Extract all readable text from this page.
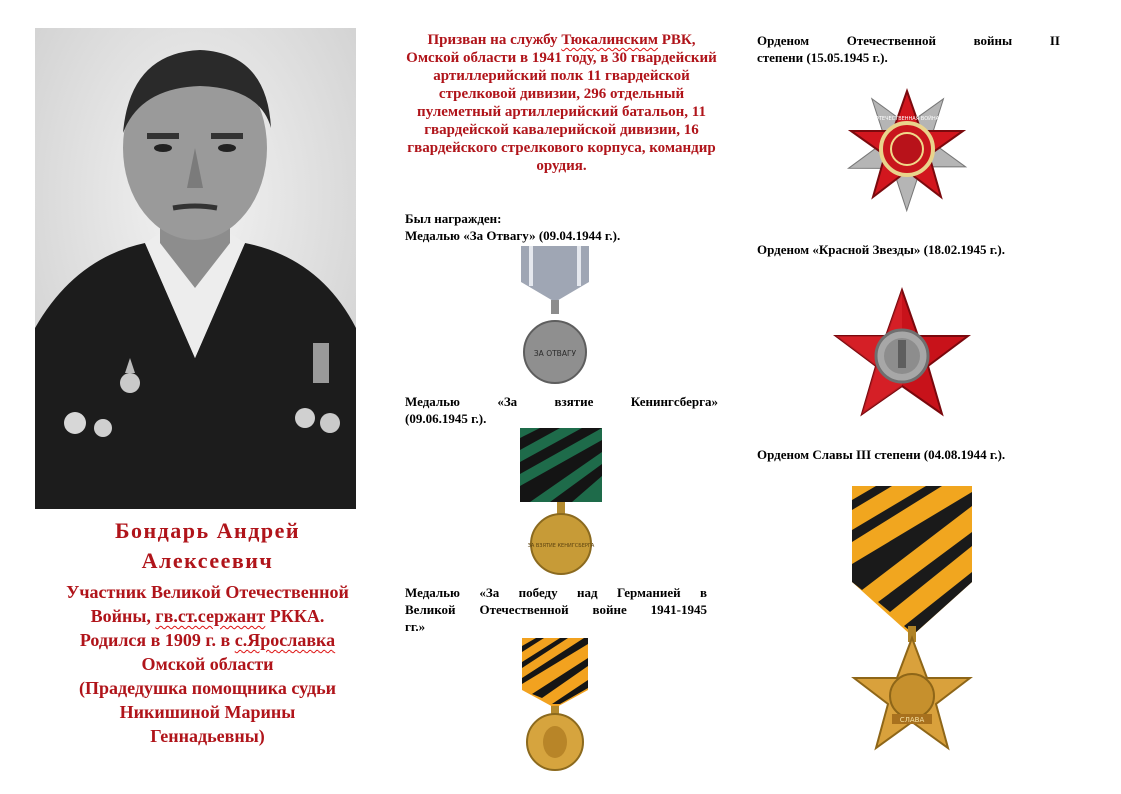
Бондарь Андрей
Алексеевич
Участник Великой Отечественной
Войны, гв.ст.сержант РККА.
Родился в 1909 г. в с.Ярославка
Омской области
(Прадедушка помощника судьи
Никишиной Марины
Геннадьевны)
Призван на службу Тюкалинским РВК, Омской области в 1941 году, в 30 гвардейский артиллерийский полк 11 гвардейской стрелковой дивизии, 296 отдельный пулеметный артиллерийский батальон, 11 гвардейской кавалерийской дивизии, 16 гвардейского стрелкового корпуса, командир орудия.
Был награжден:
Медалью «За Отвагу» (09.04.1944 г.).
ЗА ОТВАГУ
Медалью «За взятие Кенингсберга»
(09.06.1945 г.).
ЗА ВЗЯТИЕ КЕНИГСБЕРГА
Медалью «За победу над Германией в
Великой Отечественной войне 1941-1945
гг.»
Орденом Отечественной войны II
степени (15.05.1945 г.).
ОТЕЧЕСТВЕННАЯ ВОЙНА
Орденом «Красной Звезды» (18.02.1945 г.).
Орденом Славы III степени (04.08.1944 г.).
СЛАВА
